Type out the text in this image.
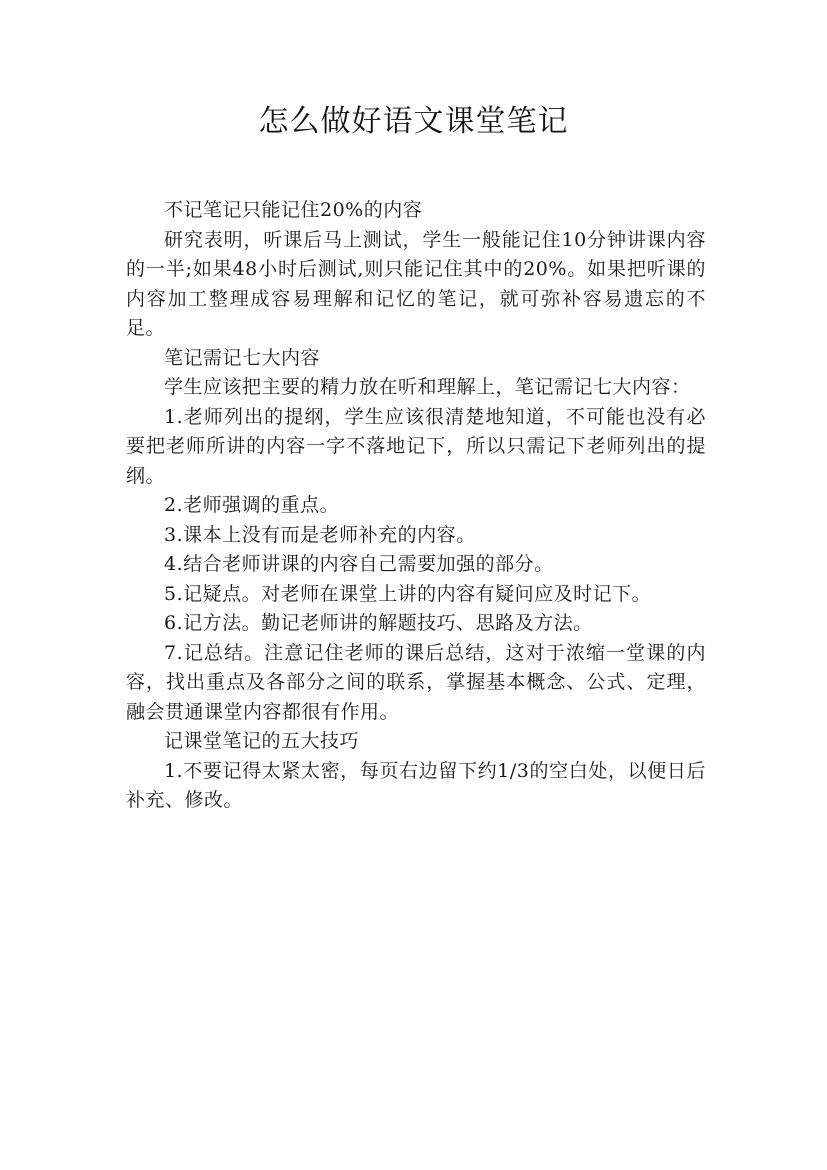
怎么做好语文课堂笔记

不记笔记只能记住20%的内容

研究表明，听课后马上测试，学生一般能记住10分钟讲课内容的一半;如果48小时后测试,则只能记住其中的20%。如果把听课的内容加工整理成容易理解和记忆的笔记，就可弥补容易遗忘的不足。

笔记需记七大内容

学生应该把主要的精力放在听和理解上，笔记需记七大内容：

1.老师列出的提纲，学生应该很清楚地知道，不可能也没有必要把老师所讲的内容一字不落地记下，所以只需记下老师列出的提纲。

2.老师强调的重点。

3.课本上没有而是老师补充的内容。

4.结合老师讲课的内容自己需要加强的部分。

5.记疑点。对老师在课堂上讲的内容有疑问应及时记下。

6.记方法。勤记老师讲的解题技巧、思路及方法。

7.记总结。注意记住老师的课后总结，这对于浓缩一堂课的内容，找出重点及各部分之间的联系，掌握基本概念、公式、定理，融会贯通课堂内容都很有作用。

记课堂笔记的五大技巧

1.不要记得太紧太密，每页右边留下约1/3的空白处，以便日后补充、修改。
